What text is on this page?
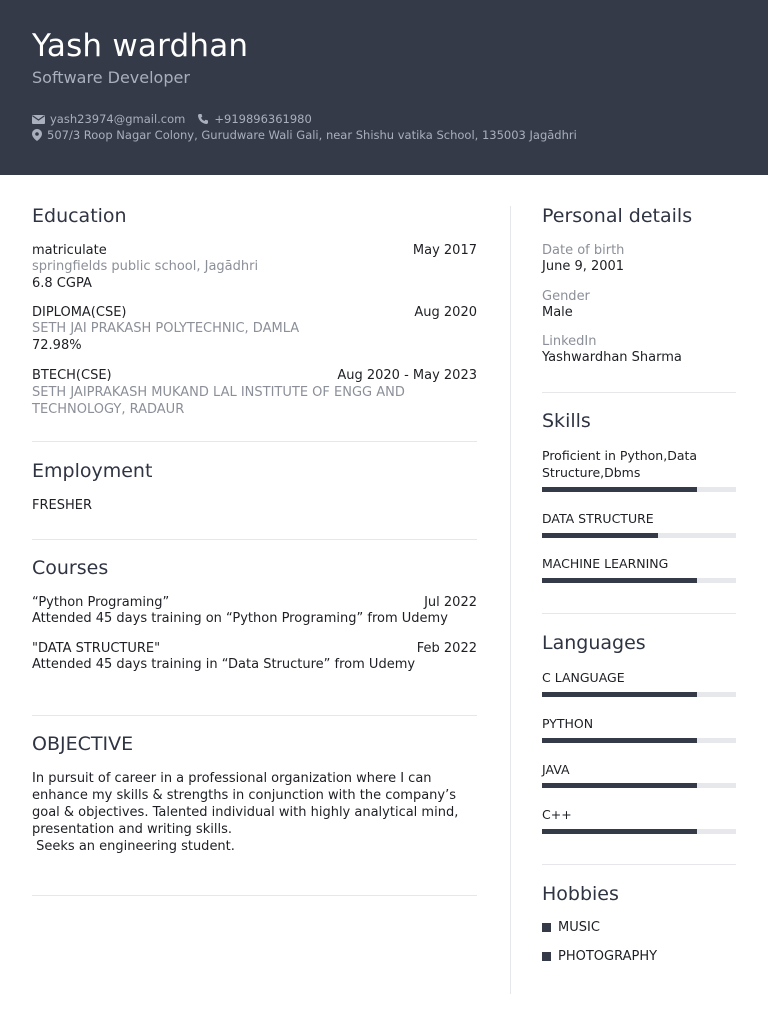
Yash wardhan
Software Developer
yash23974@gmail.com	+919896361980
507/3 Roop Nagar Colony, Gurudware Wali Gali, near Shishu vatika School, 135003 Jagādhri
Education
matriculate	May 2017
springfields public school, Jagādhri
6.8 CGPA
DIPLOMA(CSE)	Aug 2020
SETH JAI PRAKASH POLYTECHNIC, DAMLA
72.98%
BTECH(CSE)	Aug 2020 - May 2023
SETH JAIPRAKASH MUKAND LAL INSTITUTE OF ENGG AND TECHNOLOGY, RADAUR
Employment
FRESHER
Courses
“Python Programing”	Jul 2022
Attended 45 days training on “Python Programing” from Udemy
"DATA STRUCTURE"	Feb 2022
Attended 45 days training in “Data Structure” from Udemy
OBJECTIVE
In pursuit of career in a professional organization where I can
enhance my skills & strengths in conjunction with the company’s
goal & objectives. Talented individual with highly analytical mind,
presentation and writing skills.
Seeks an engineering student.
Personal details
Date of birth
June 9, 2001
Gender
Male
LinkedIn
Yashwardhan Sharma
Skills
Proficient in Python,Data Structure,Dbms
DATA STRUCTURE
MACHINE LEARNING
Languages
C LANGUAGE
PYTHON
JAVA
C++
Hobbies
MUSIC
PHOTOGRAPHY
